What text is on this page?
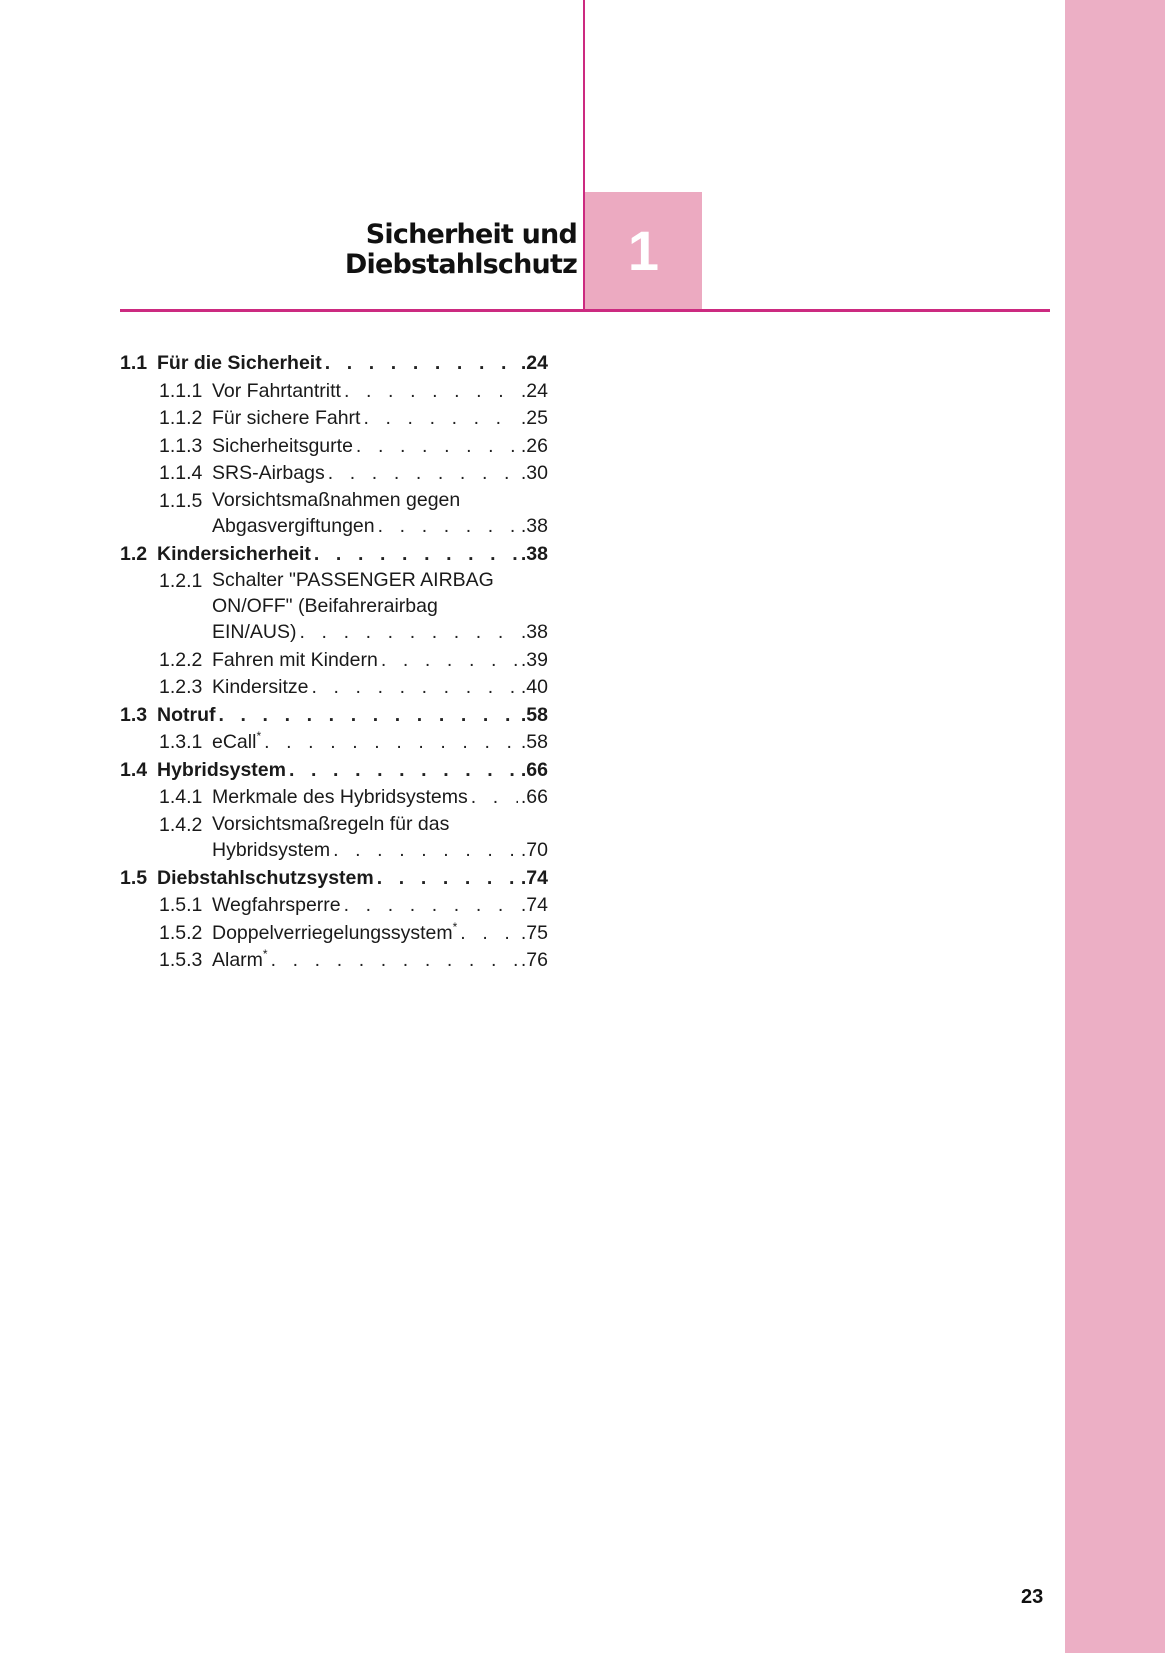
Sicherheit und
Diebstahlschutz 1
1.1 Für die Sicherheit . . .	.24
1.1.1 Vor Fahrtantritt . . .	.24
1.1.2 Für sichere Fahrt . . .	.25
1.1.3 Sicherheitsgurte . . .	.26
1.1.4 SRS-Airbags . . .	.30
1.1.5 Vorsichtsmaßnahmen gegen
Abgasvergiftungen . . .	.38
1.2 Kindersicherheit . . .	.38
1.2.1 Schalter "PASSENGER AIRBAG
ON/OFF" (Beifahrerairbag
EIN/AUS) . . .	.38
1.2.2 Fahren mit Kindern . . .	.39
1.2.3 Kindersitze . . .	.40
1.3 Notruf . . .	.58
1.3.1 eCall* . . .	.58
1.4 Hybridsystem . . .	.66
1.4.1 Merkmale des Hybridsystems . . .	.66
1.4.2 Vorsichtsmaßregeln für das
Hybridsystem . . .	.70
1.5 Diebstahlschutzsystem . . .	.74
1.5.1 Wegfahrsperre . . .	.74
1.5.2 Doppelverriegelungssystem* . . .	.75
1.5.3 Alarm* . . .	.76
23
